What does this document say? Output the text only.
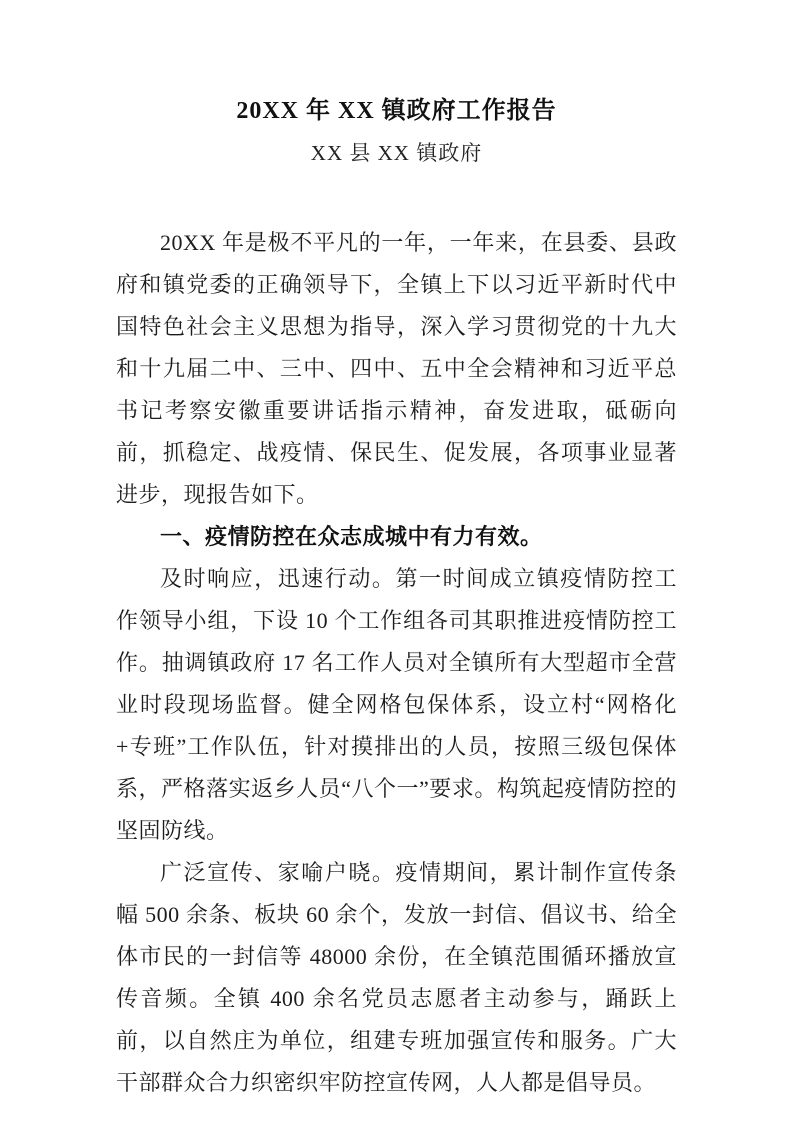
20XX 年 XX 镇政府工作报告
XX 县 XX 镇政府

20XX 年是极不平凡的一年，一年来，在县委、县政府和镇党委的正确领导下，全镇上下以习近平新时代中国特色社会主义思想为指导，深入学习贯彻党的十九大和十九届二中、三中、四中、五中全会精神和习近平总书记考察安徽重要讲话指示精神，奋发进取，砥砺向前，抓稳定、战疫情、保民生、促发展，各项事业显著进步，现报告如下。

一、疫情防控在众志成城中有力有效。

及时响应，迅速行动。第一时间成立镇疫情防控工作领导小组，下设 10 个工作组各司其职推进疫情防控工作。抽调镇政府 17 名工作人员对全镇所有大型超市全营业时段现场监督。健全网格包保体系，设立村“网格化+专班”工作队伍，针对摸排出的人员，按照三级包保体系，严格落实返乡人员“八个一”要求。构筑起疫情防控的坚固防线。

广泛宣传、家喻户晓。疫情期间，累计制作宣传条幅 500 余条、板块 60 余个，发放一封信、倡议书、给全体市民的一封信等 48000 余份，在全镇范围循环播放宣传音频。全镇 400 余名党员志愿者主动参与，踊跃上前，以自然庄为单位，组建专班加强宣传和服务。广大干部群众合力织密织牢防控宣传网，人人都是倡导员。
